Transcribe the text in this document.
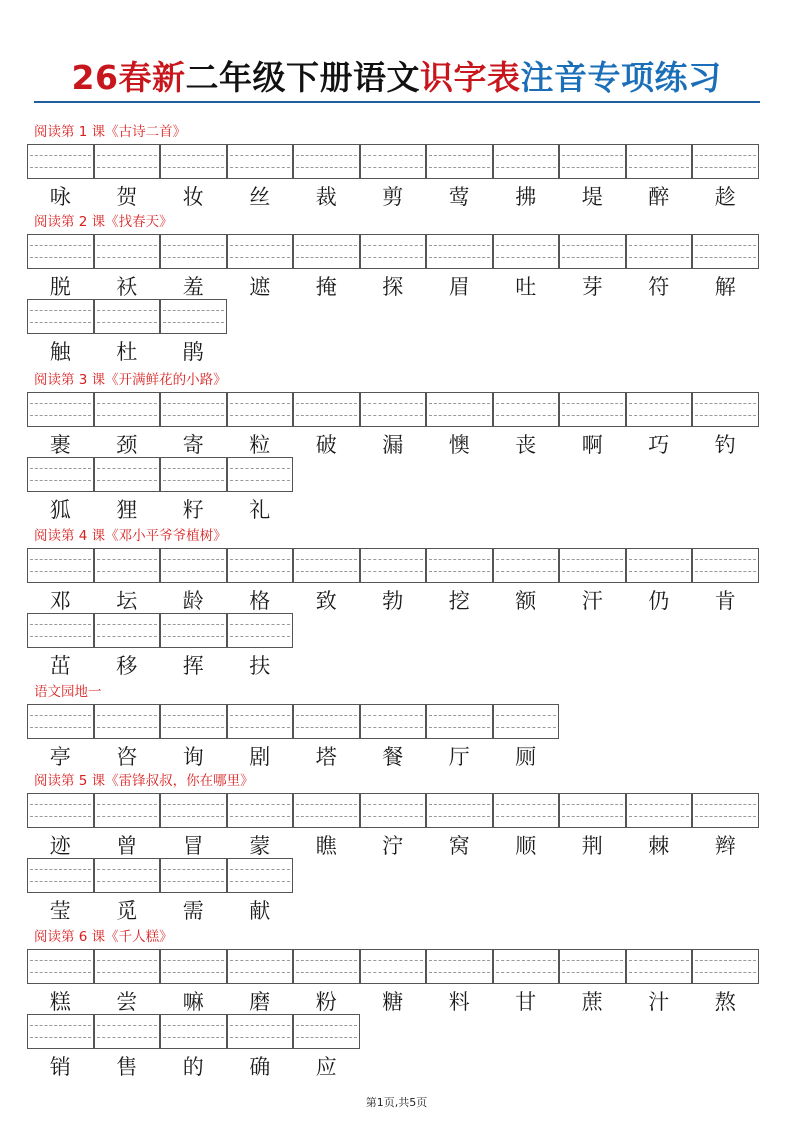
26春新二年级下册语文识字表注音专项练习
阅读第 1 课《古诗二首》
咏	贺	妆	丝	裁	剪	莺	拂	堤	醉	趁
阅读第 2 课《找春天》
脱	袄	羞	遮	掩	探	眉	吐	芽	符	解
触	杜	鹃
阅读第 3 课《开满鲜花的小路》
裹	颈	寄	粒	破	漏	懊	丧	啊	巧	钓
狐	狸	籽	礼
阅读第 4 课《邓小平爷爷植树》
邓	坛	龄	格	致	勃	挖	额	汗	仍	肯
茁	移	挥	扶
语文园地一
亭	咨	询	剧	塔	餐	厅	厕
阅读第 5 课《雷锋叔叔，你在哪里》
迹	曾	冒	蒙	瞧	泞	窝	顺	荆	棘	辫
莹	觅	需	献
阅读第 6 课《千人糕》
糕	尝	嘛	磨	粉	糖	料	甘	蔗	汁	熬
销	售	的	确	应
第1页,共5页
